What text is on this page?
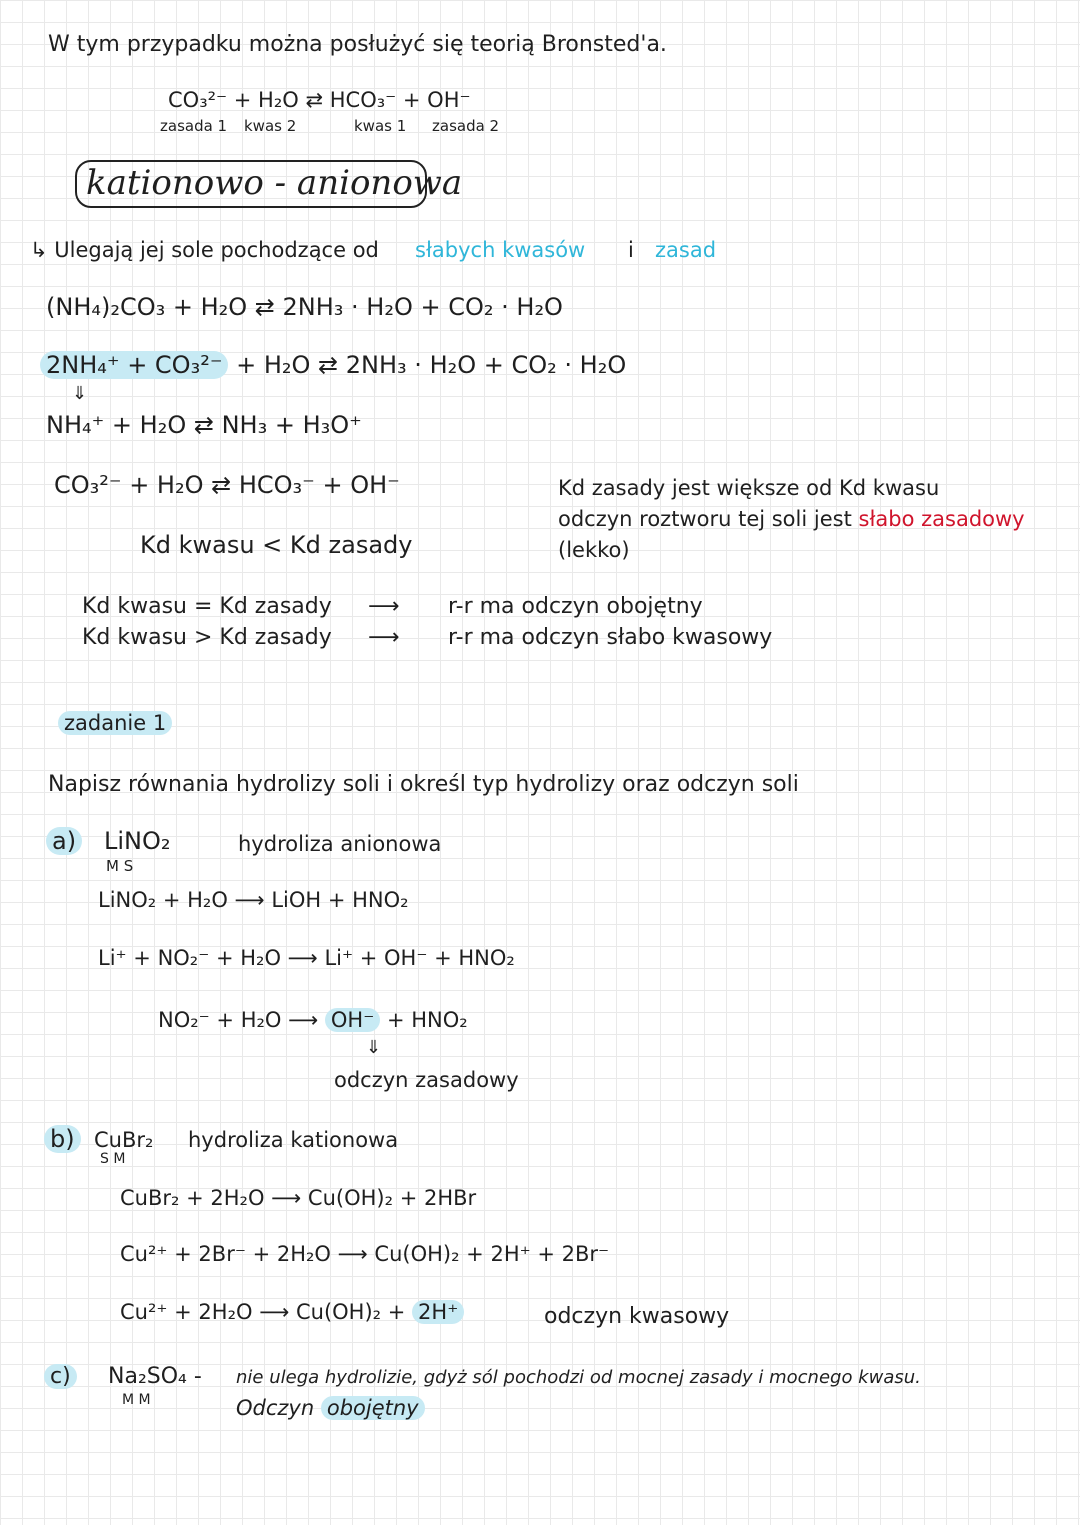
W tym przypadku można posłużyć się teorią Bronsted'a.
CO₃²⁻ + H₂O ⇄ HCO₃⁻ + OH⁻
zasada 1 kwas 2	kwas 1 zasada 2
kationowo - anionowa
↳ Ulegają jej sole pochodzące od słabych kwasów i zasad
(NH₄)₂CO₃ + H₂O ⇄ 2NH₃ · H₂O + CO₂ · H₂O
2NH₄⁺ + CO₃²⁻ + H₂O ⇄ 2NH₃ · H₂O + CO₂ · H₂O
⇓
NH₄⁺ + H₂O ⇄ NH₃ + H₃O⁺
CO₃²⁻ + H₂O ⇄ HCO₃⁻ + OH⁻	Kd zasady jest większe od Kd kwasu
odczyn roztworu tej soli jest słabo zasadowy
(lekko)
Kd kwasu < Kd zasady
Kd kwasu = Kd zasady ⟶ r-r ma odczyn obojętny
Kd kwasu > Kd zasady ⟶ r-r ma odczyn słabo kwasowy
zadanie 1
Napisz równania hydrolizy soli i określ typ hydrolizy oraz odczyn soli
a) LiNO₂
M S
hydroliza anionowa
LiNO₂ + H₂O ⟶ LiOH + HNO₂
Li⁺ + NO₂⁻ + H₂O ⟶ Li⁺ + OH⁻ + HNO₂
NO₂⁻ + H₂O ⟶ OH⁻ + HNO₂
⇓
odczyn zasadowy
b) CuBr₂
S M
hydroliza kationowa
CuBr₂ + 2H₂O ⟶ Cu(OH)₂ + 2HBr
Cu²⁺ + 2Br⁻ + 2H₂O ⟶ Cu(OH)₂ + 2H⁺ + 2Br⁻
Cu²⁺ + 2H₂O ⟶ Cu(OH)₂ + 2H⁺	odczyn kwasowy
c) Na₂SO₄ -
M M
nie ulega hydrolizie, gdyż sól pochodzi od mocnej zasady i mocnego kwasu.
Odczyn obojętny
